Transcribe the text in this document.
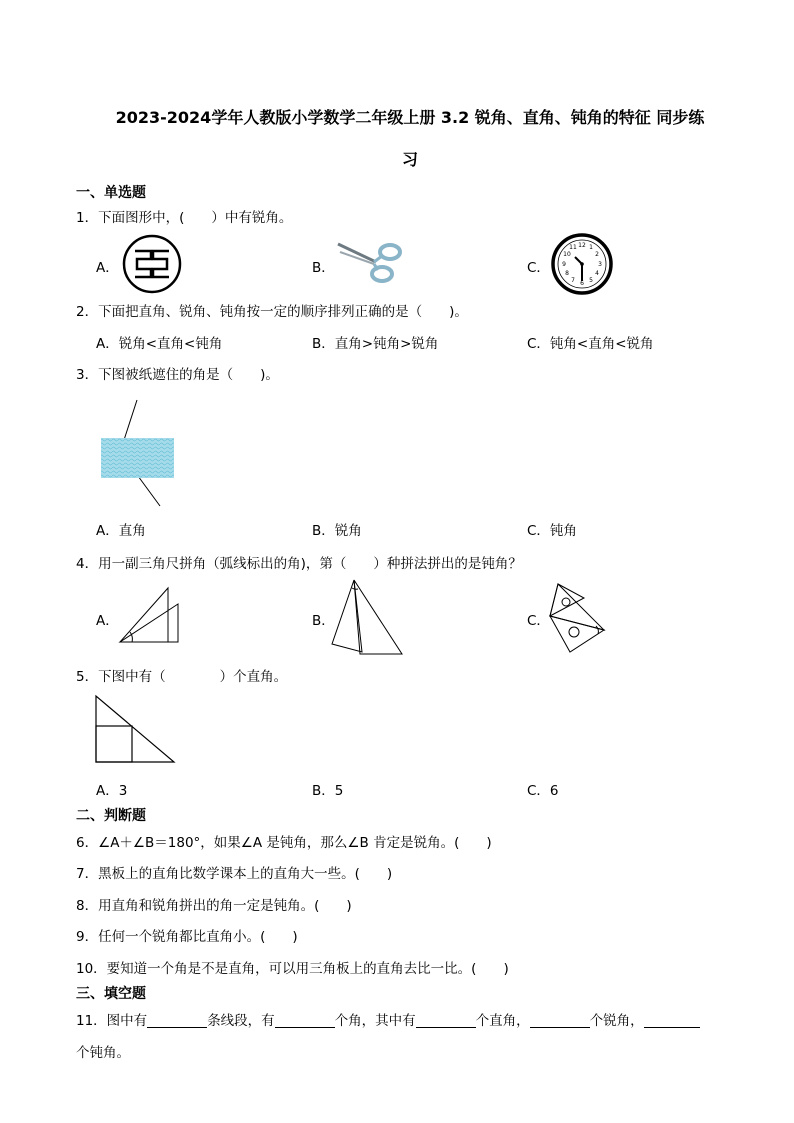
2023-2024学年人教版小学数学二年级上册 3.2 锐角、直角、钝角的特征 同步练
习
一、单选题
1．下面图形中，(　　）中有锐角。
A．	B．	C．
12 1
2
3
4
5
6
7
8
9
10
11
2．下面把直角、锐角、钝角按一定的顺序排列正确的是（　　)。
A．锐角<直角<钝角	B．直角>钝角>锐角	C．钝角<直角<锐角
3．下图被纸遮住的角是（　　)。
A．直角	B．锐角	C．钝角
4．用一副三角尺拼角（弧线标出的角)，第（　　）种拼法拼出的是钝角？
A．	B．	C．
5．下图中有（　　　　）个直角。
A．3	B．5	C．6
二、判断题
6．∠A＋∠B＝180°，如果∠A 是钝角，那么∠B 肯定是锐角。(　　)
7．黑板上的直角比数学课本上的直角大一些。(　　)
8．用直角和锐角拼出的角一定是钝角。(　　)
9．任何一个锐角都比直角小。(　　)
10．要知道一个角是不是直角，可以用三角板上的直角去比一比。(　　)
三、填空题
11．图中有	条线段，有	个角，其中有	个直角，	个锐角，
个钝角。
